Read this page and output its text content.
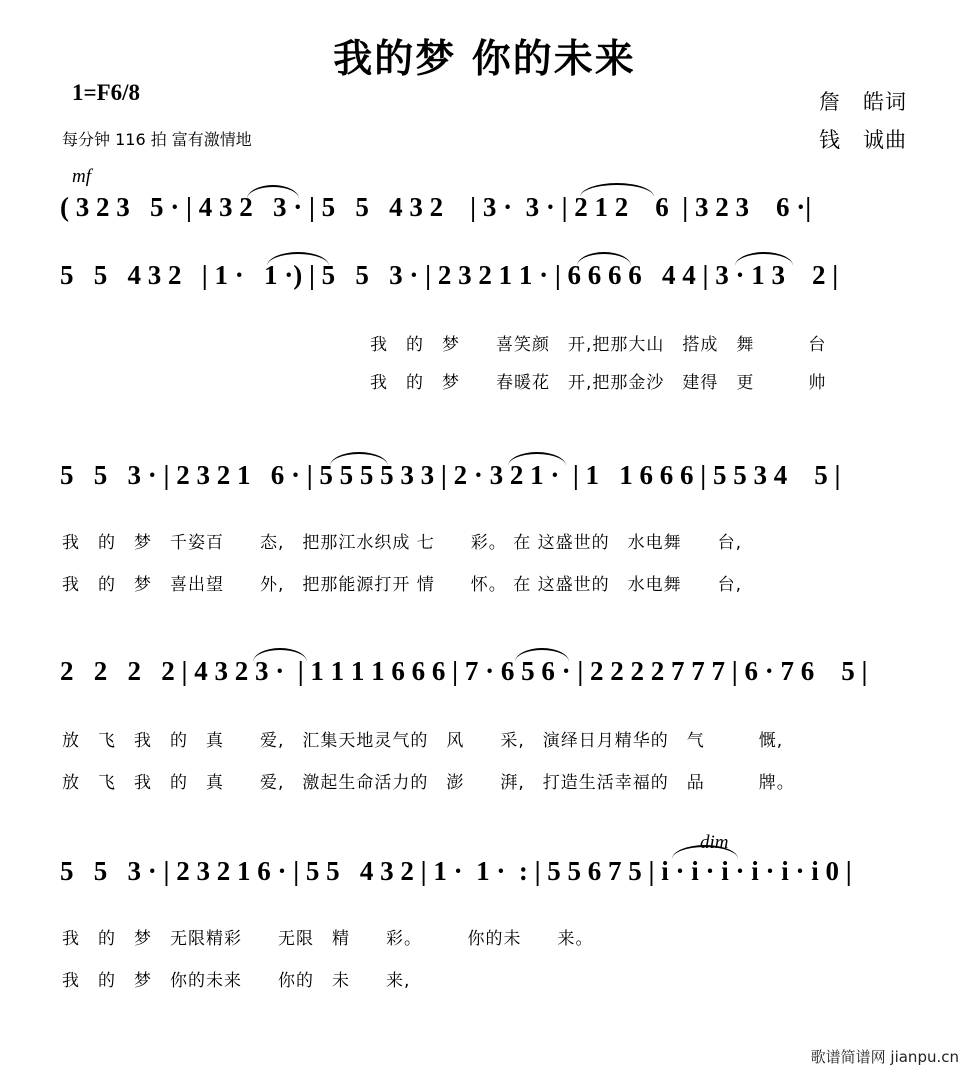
我的梦 你的未来
1=F6/8
每分钟 116 拍 富有激情地
詹　皓词
钱　诚曲
mf
( 3 2 3   5 · | 4 3 2   3 · | 5   5   4 3 2    | 3 ·  3 · | 2 1 2    6  | 3 2 3    6 ·|
5   5   4 3 2   | 1 ·   1 ·) | 5   5   3 · | 2 3 2 1 1 · | 6 6 6 6   4 4 | 3 · 1 3    2 |
我　的　梦　　喜笑颜　开,把那大山　搭成　舞　　　台
我　的　梦　　春暖花　开,把那金沙　建得　更　　　帅
5   5   3 · | 2 3 2 1   6 · | 5 5 5 5 3 3 | 2 · 3 2 1 ·  | 1   1 6 6 6 | 5 5 3 4    5 |
我　的　梦　千姿百　　态,　把那江水织成 七　　彩。 在 这盛世的　水电舞　　台,
我　的　梦　喜出望　　外,　把那能源打开 情　　怀。 在 这盛世的　水电舞　　台,
2   2   2   2 | 4 3 2 3 ·  | 1 1 1 1 6 6 6 | 7 · 6 5 6 · | 2 2 2 2 7 7 7 | 6 · 7 6    5 |
放　飞　我　的　真　　爱,　汇集天地灵气的　风　　采,　演绎日月精华的　气　　　慨,
放　飞　我　的　真　　爱,　激起生命活力的　澎　　湃,　打造生活幸福的　品　　　牌。
dim
5   5   3 · | 2 3 2 1 6 · | 5 5   4 3 2 | 1 ·  1 ·  : | 5 5 6 7 5 | i · i · i · i · i · i 0 |
我　的　梦　无限精彩　　无限　精　　彩。　　　你的未　　来。
我　的　梦　你的未来　　你的　未　　来,
歌谱简谱网 jianpu.cn
